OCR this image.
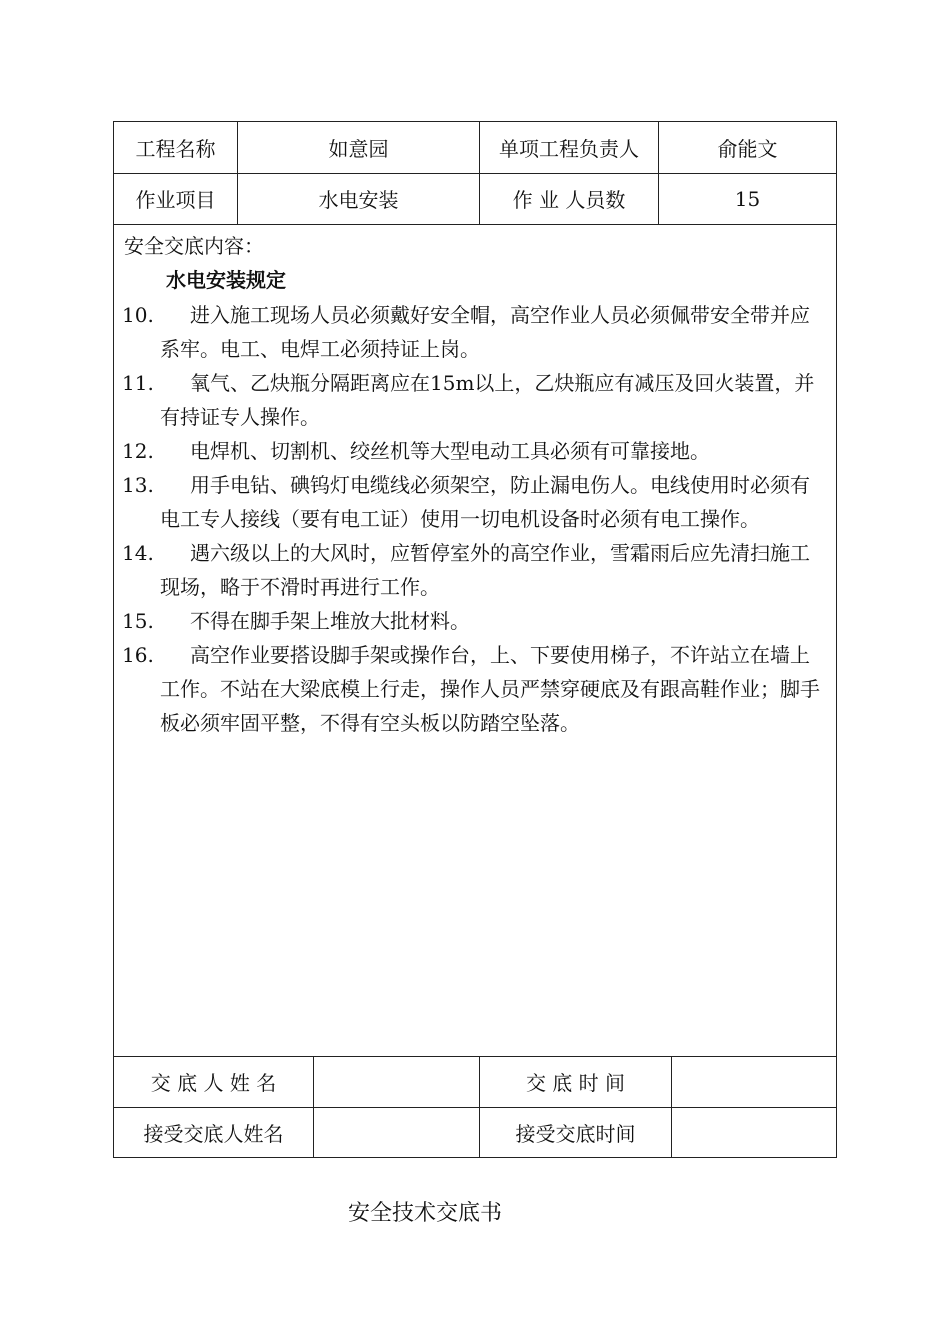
工程名称	如意园	单项工程负责人	俞能文
作业项目	水电安装	作 业 人员数	15
安全交底内容：
水电安装规定
10.	进入施工现场人员必须戴好安全帽，高空作业人员必须佩带安全带并应系牢。电工、电焊工必须持证上岗。
11.	氧气、乙炔瓶分隔距离应在15m以上，乙炔瓶应有减压及回火装置，并有持证专人操作。
12.	电焊机、切割机、绞丝机等大型电动工具必须有可靠接地。
13.	用手电钻、碘钨灯电缆线必须架空，防止漏电伤人。电线使用时必须有电工专人接线（要有电工证）使用一切电机设备时必须有电工操作。
14.	遇六级以上的大风时，应暂停室外的高空作业，雪霜雨后应先清扫施工现场，略于不滑时再进行工作。
15.	不得在脚手架上堆放大批材料。
16.	高空作业要搭设脚手架或操作台，上、下要使用梯子，不许站立在墙上工作。不站在大梁底模上行走，操作人员严禁穿硬底及有跟高鞋作业；脚手板必须牢固平整，不得有空头板以防踏空坠落。
交 底 人 姓 名	交 底 时 间
接受交底人姓名	接受交底时间
安全技术交底书
